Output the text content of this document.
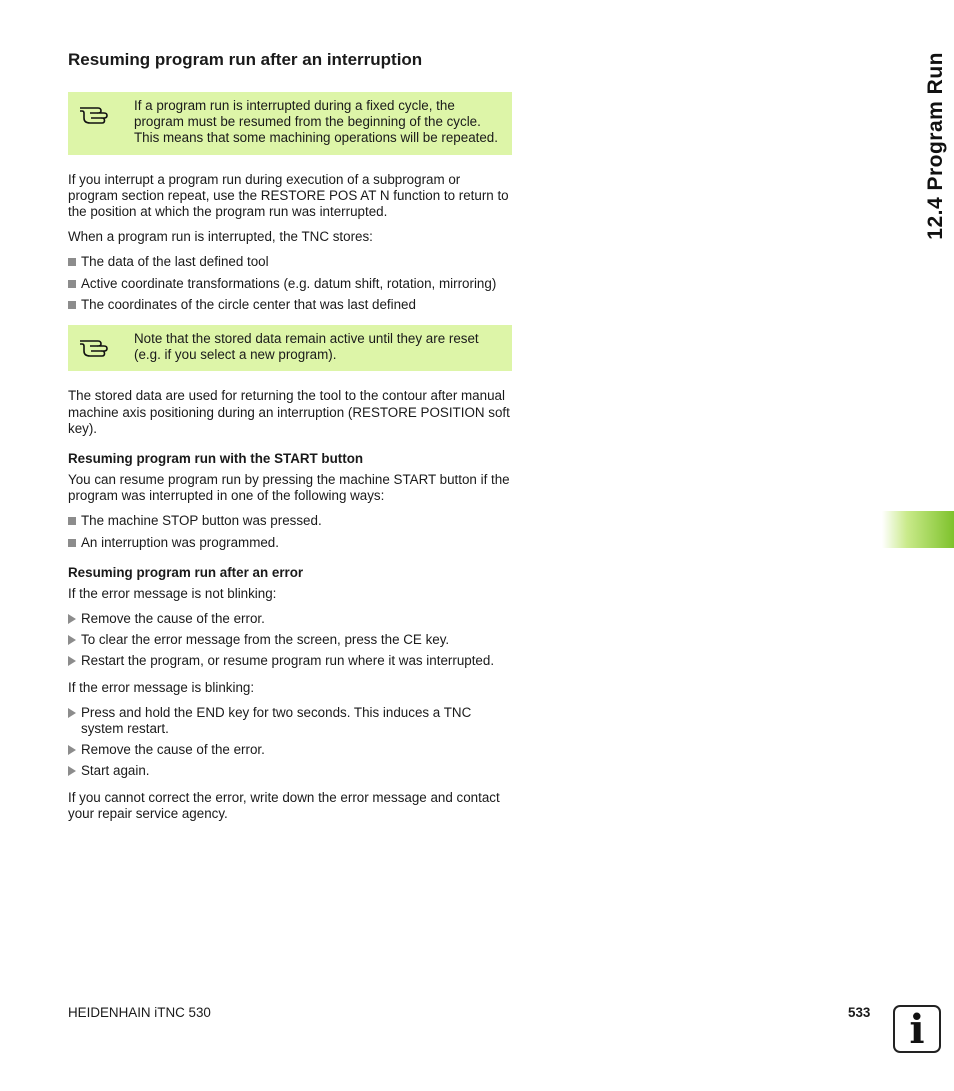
Resuming program run after an interruption

If a program run is interrupted during a fixed cycle, the program must be resumed from the beginning of the cycle. This means that some machining operations will be repeated.

If you interrupt a program run during execution of a subprogram or program section repeat, use the RESTORE POS AT N function to return to the position at which the program run was interrupted.

When a program run is interrupted, the TNC stores:

The data of the last defined tool
Active coordinate transformations (e.g. datum shift, rotation, mirroring)
The coordinates of the circle center that was last defined

Note that the stored data remain active until they are reset (e.g. if you select a new program).

The stored data are used for returning the tool to the contour after manual machine axis positioning during an interruption (RESTORE POSITION soft key).

Resuming program run with the START button

You can resume program run by pressing the machine START button if the program was interrupted in one of the following ways:

The machine STOP button was pressed.
An interruption was programmed.
Resuming program run after an error

If the error message is not blinking:

Remove the cause of the error.
To clear the error message from the screen, press the CE key.
Restart the program, or resume program run where it was interrupted.

If the error message is blinking:

Press and hold the END key for two seconds. This induces a TNC system restart.
Remove the cause of the error.
Start again.

If you cannot correct the error, write down the error message and contact your repair service agency.

12.4 Program Run
HEIDENHAIN iTNC 530	533 i
